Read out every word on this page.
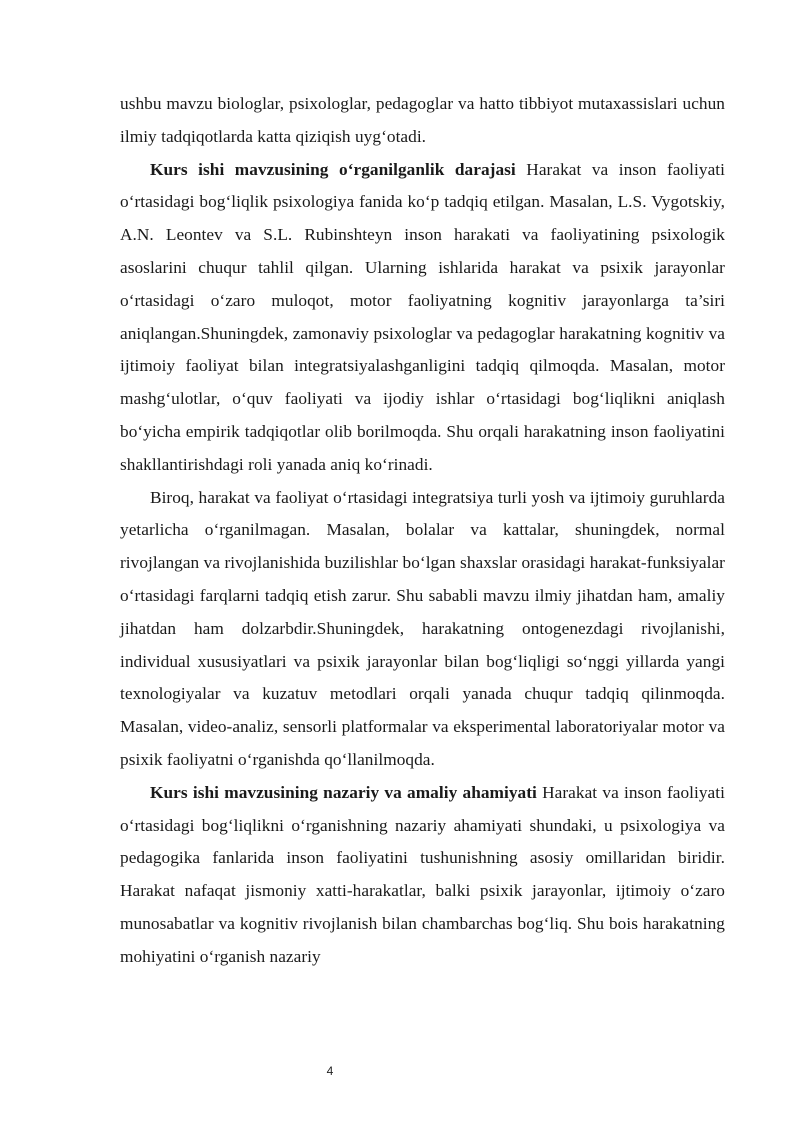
ushbu mavzu biologlar, psixologlar, pedagoglar va hatto tibbiyot mutaxassislari uchun ilmiy tadqiqotlarda katta qiziqish uyg‘otadi.

Kurs ishi mavzusining o‘rganilganlik darajasi Harakat va inson faoliyati o‘rtasidagi bog‘liqlik psixologiya fanida ko‘p tadqiq etilgan. Masalan, L.S. Vygotskiy, A.N. Leontev va S.L. Rubinshteyn inson harakati va faoliyatining psixologik asoslarini chuqur tahlil qilgan. Ularning ishlarida harakat va psixik jarayonlar o‘rtasidagi o‘zaro muloqot, motor faoliyatning kognitiv jarayonlarga ta’siri aniqlangan.Shuningdek, zamonaviy psixologlar va pedagoglar harakatning kognitiv va ijtimoiy faoliyat bilan integratsiyalashganligini tadqiq qilmoqda. Masalan, motor mashg‘ulotlar, o‘quv faoliyati va ijodiy ishlar o‘rtasidagi bog‘liqlikni aniqlash bo‘yicha empirik tadqiqotlar olib borilmoqda. Shu orqali harakatning inson faoliyatini shakllantirishdagi roli yanada aniq ko‘rinadi.

Biroq, harakat va faoliyat o‘rtasidagi integratsiya turli yosh va ijtimoiy guruhlarda yetarlicha o‘rganilmagan. Masalan, bolalar va kattalar, shuningdek, normal rivojlangan va rivojlanishida buzilishlar bo‘lgan shaxslar orasidagi harakat-funksiyalar o‘rtasidagi farqlarni tadqiq etish zarur. Shu sababli mavzu ilmiy jihatdan ham, amaliy jihatdan ham dolzarbdir.Shuningdek, harakatning ontogenezdagi rivojlanishi, individual xususiyatlari va psixik jarayonlar bilan bog‘liqligi so‘nggi yillarda yangi texnologiyalar va kuzatuv metodlari orqali yanada chuqur tadqiq qilinmoqda. Masalan, video-analiz, sensorli platformalar va eksperimental laboratoriyalar motor va psixik faoliyatni o‘rganishda qo‘llanilmoqda.

Kurs ishi mavzusining nazariy va amaliy ahamiyati Harakat va inson faoliyati o‘rtasidagi bog‘liqlikni o‘rganishning nazariy ahamiyati shundaki, u psixologiya va pedagogika fanlarida inson faoliyatini tushunishning asosiy omillaridan biridir. Harakat nafaqat jismoniy xatti-harakatlar, balki psixik jarayonlar, ijtimoiy o‘zaro munosabatlar va kognitiv rivojlanish bilan chambarchas bog‘liq. Shu bois harakatning mohiyatini o‘rganish nazariy

4
